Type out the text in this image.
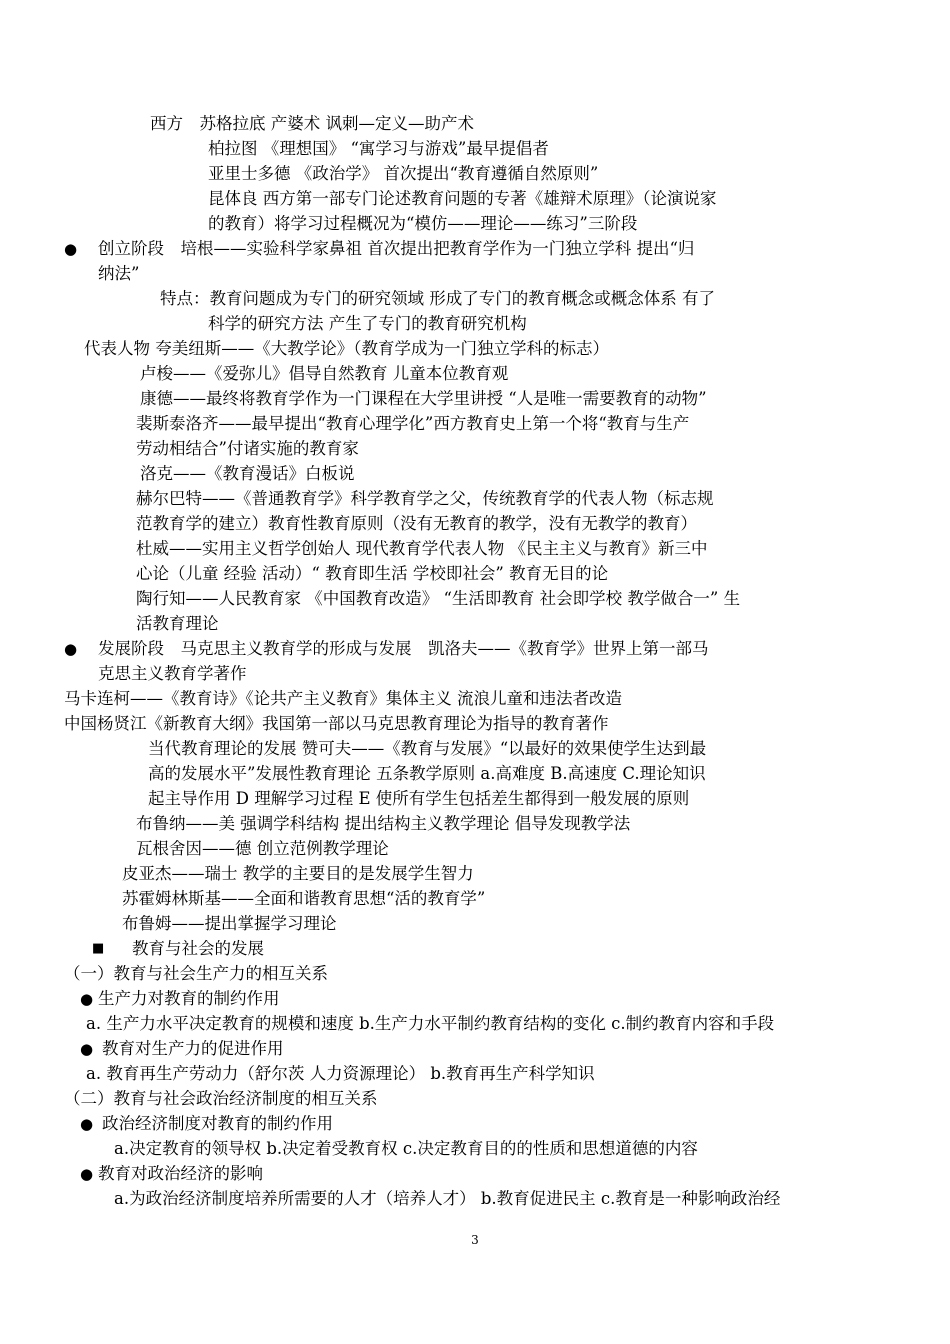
西方　苏格拉底 产婆术 讽刺—定义—助产术
柏拉图 《理想国》 “寓学习与游戏”最早提倡者
亚里士多德 《政治学》 首次提出“教育遵循自然原则”
昆体良 西方第一部专门论述教育问题的专著《雄辩术原理》（论演说家
的教育）将学习过程概况为“模仿——理论——练习”三阶段
● 创立阶段　培根——实验科学家鼻祖 首次提出把教育学作为一门独立学科 提出“归
纳法”
特点：教育问题成为专门的研究领域 形成了专门的教育概念或概念体系 有了
科学的研究方法 产生了专门的教育研究机构
代表人物 夸美纽斯——《大教学论》（教育学成为一门独立学科的标志）
卢梭——《爱弥儿》倡导自然教育 儿童本位教育观
康德——最终将教育学作为一门课程在大学里讲授 “人是唯一需要教育的动物”
裴斯泰洛齐——最早提出“教育心理学化”西方教育史上第一个将“教育与生产
劳动相结合”付诸实施的教育家
洛克——《教育漫话》白板说
赫尔巴特——《普通教育学》科学教育学之父，传统教育学的代表人物（标志规
范教育学的建立）教育性教育原则（没有无教育的教学，没有无教学的教育）
杜威——实用主义哲学创始人 现代教育学代表人物 《民主主义与教育》新三中
心论（儿童 经验 活动）“ 教育即生活 学校即社会” 教育无目的论
陶行知——人民教育家 《中国教育改造》 “生活即教育 社会即学校 教学做合一” 生
活教育理论
● 发展阶段　马克思主义教育学的形成与发展　凯洛夫——《教育学》世界上第一部马
克思主义教育学著作
马卡连柯——《教育诗》《论共产主义教育》集体主义 流浪儿童和违法者改造
中国杨贤江《新教育大纲》我国第一部以马克思教育理论为指导的教育著作
当代教育理论的发展 赞可夫——《教育与发展》“以最好的效果使学生达到最
高的发展水平”发展性教育理论 五条教学原则 a.高难度 B.高速度 C.理论知识
起主导作用 D 理解学习过程 E 使所有学生包括差生都得到一般发展的原则
布鲁纳——美 强调学科结构 提出结构主义教学理论 倡导发现教学法
瓦根舍因——德 创立范例教学理论
皮亚杰——瑞士 教学的主要目的是发展学生智力
苏霍姆林斯基——全面和谐教育思想“活的教育学”
布鲁姆——提出掌握学习理论
■ 教育与社会的发展
（一）教育与社会生产力的相互关系
● 生产力对教育的制约作用
a. 生产力水平决定教育的规模和速度 b.生产力水平制约教育结构的变化 c.制约教育内容和手段
● 教育对生产力的促进作用
a. 教育再生产劳动力（舒尔茨 人力资源理论） b.教育再生产科学知识
（二）教育与社会政治经济制度的相互关系
● 政治经济制度对教育的制约作用
a.决定教育的领导权 b.决定着受教育权 c.决定教育目的的性质和思想道德的内容
● 教育对政治经济的影响
a.为政治经济制度培养所需要的人才（培养人才） b.教育促进民主 c.教育是一种影响政治经
3
